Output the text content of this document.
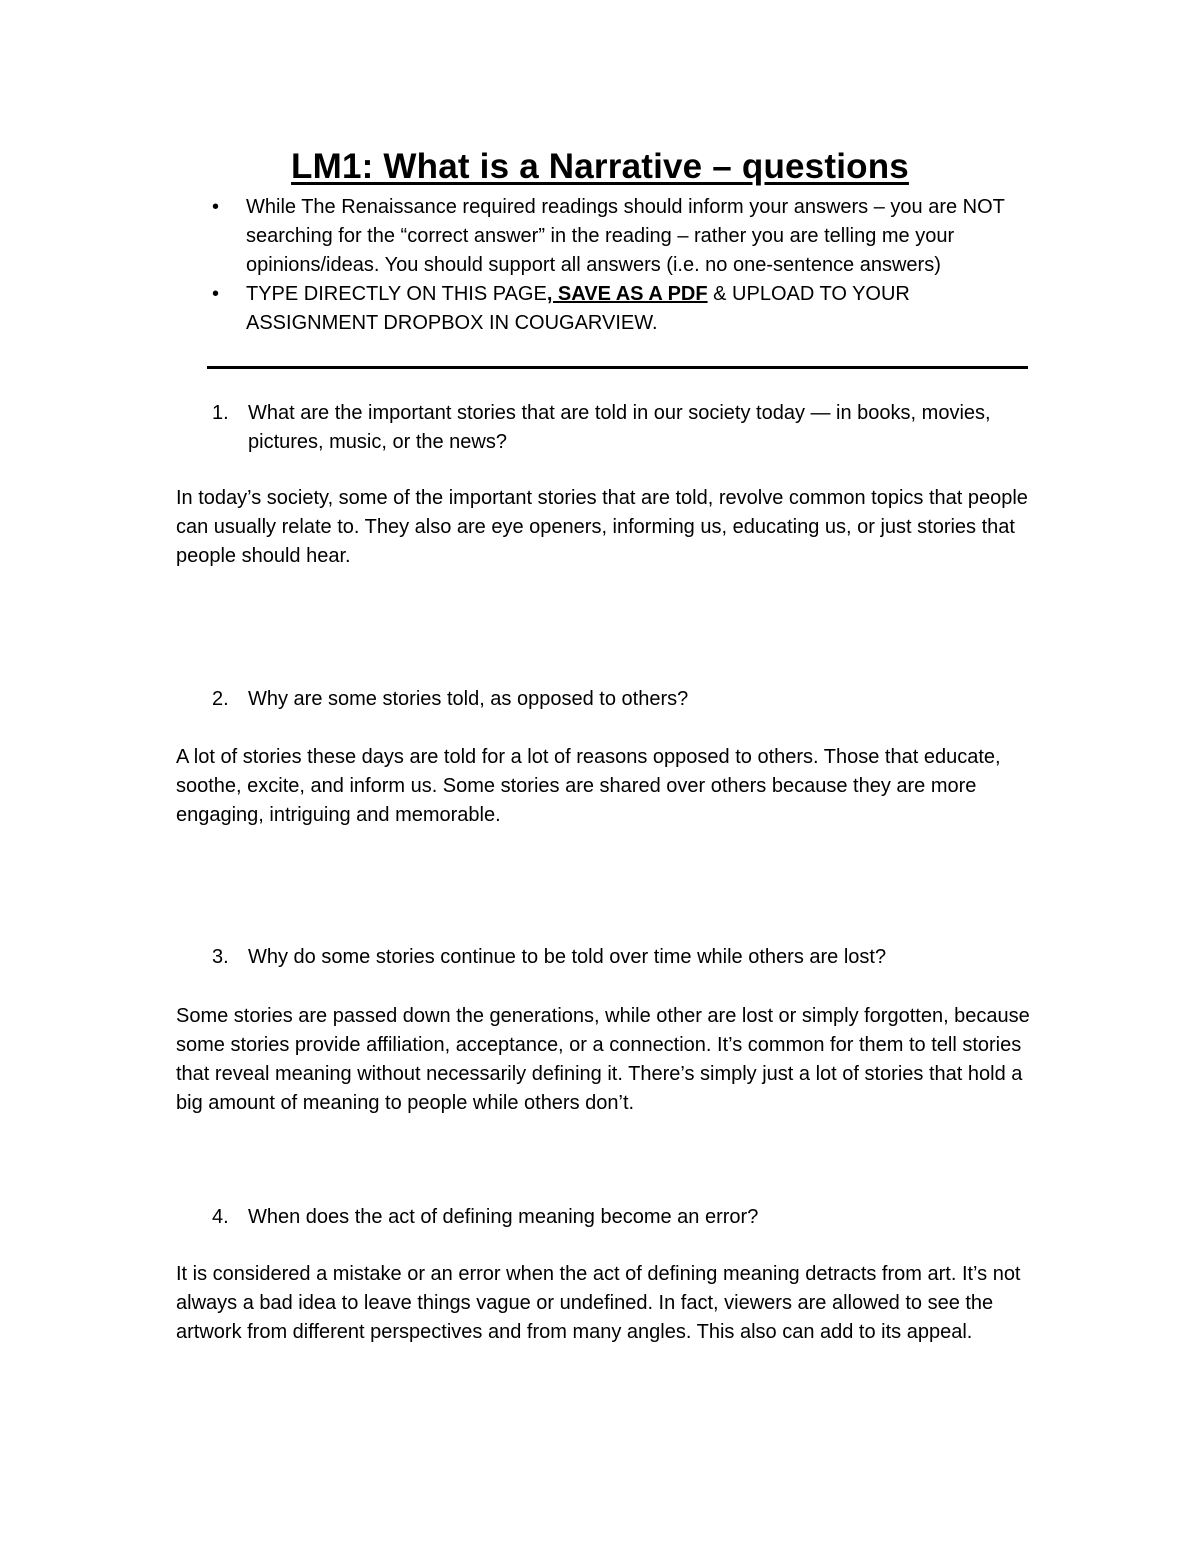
LM1: What is a Narrative – questions
• While The Renaissance required readings should inform your answers – you are NOT searching for the “correct answer” in the reading – rather you are telling me your opinions/ideas. You should support all answers (i.e. no one-sentence answers)
• TYPE DIRECTLY ON THIS PAGE, SAVE AS A PDF & UPLOAD TO YOUR ASSIGNMENT DROPBOX IN COUGARVIEW.
1. What are the important stories that are told in our society today — in books, movies, pictures, music, or the news?
In today’s society, some of the important stories that are told, revolve common topics that people can usually relate to. They also are eye openers, informing us, educating us, or just stories that people should hear.
2. Why are some stories told, as opposed to others?
A lot of stories these days are told for a lot of reasons opposed to others. Those that educate, soothe, excite, and inform us. Some stories are shared over others because they are more engaging, intriguing and memorable.
3. Why do some stories continue to be told over time while others are lost?
Some stories are passed down the generations, while other are lost or simply forgotten, because some stories provide affiliation, acceptance, or a connection. It’s common for them to tell stories that reveal meaning without necessarily defining it. There’s simply just a lot of stories that hold a big amount of meaning to people while others don’t.
4. When does the act of defining meaning become an error?
It is considered a mistake or an error when the act of defining meaning detracts from art. It’s not always a bad idea to leave things vague or undefined. In fact, viewers are allowed to see the artwork from different perspectives and from many angles. This also can add to its appeal.
